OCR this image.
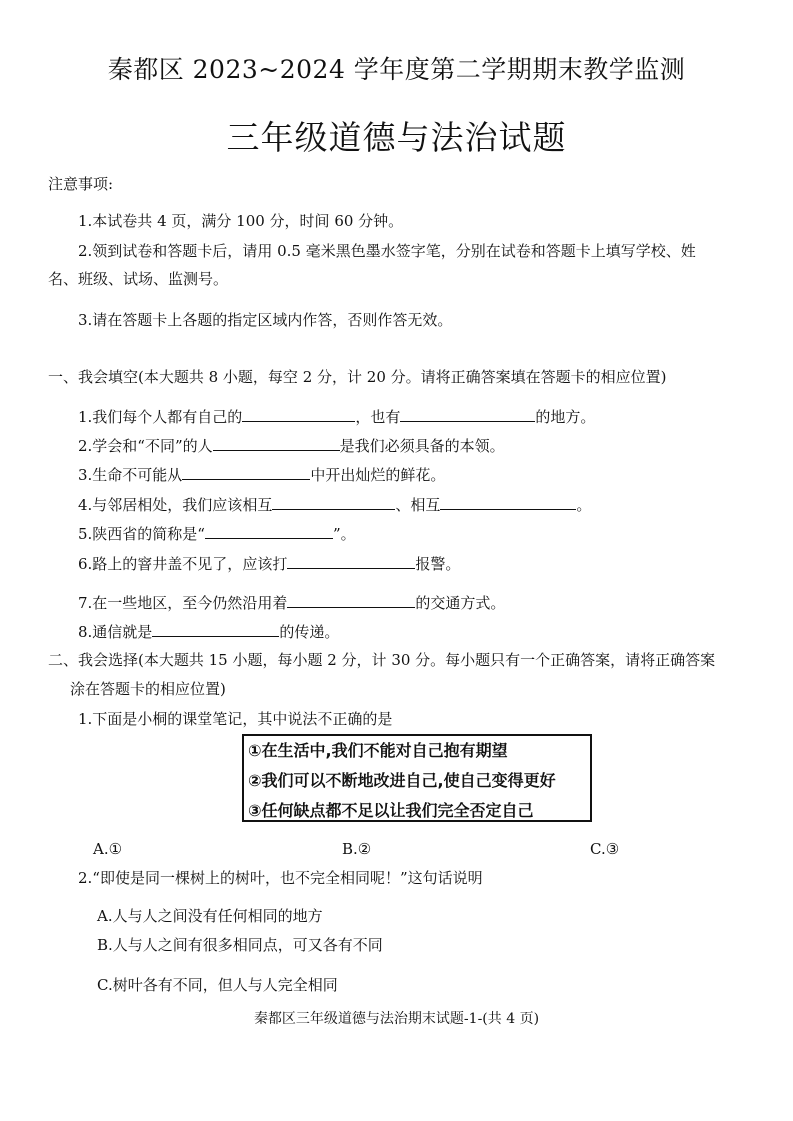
秦都区 2023~2024 学年度第二学期期末教学监测
三年级道德与法治试题
注意事项:
1.本试卷共 4 页，满分 100 分，时间 60 分钟。
2.领到试卷和答题卡后，请用 0.5 毫米黑色墨水签字笔，分别在试卷和答题卡上填写学校、姓
名、班级、试场、监测号。
3.请在答题卡上各题的指定区域内作答，否则作答无效。
一、我会填空(本大题共 8 小题，每空 2 分，计 20 分。请将正确答案填在答题卡的相应位置)
1.我们每个人都有自己的	，也有	的地方。
2.学会和“不同”的人	是我们必须具备的本领。
3.生命不可能从	中开出灿烂的鲜花。
4.与邻居相处，我们应该相互	、相互	。
5.陕西省的简称是“	”。
6.路上的窨井盖不见了，应该打	报警。
7.在一些地区，至今仍然沿用着	的交通方式。
8.通信就是	的传递。
二、我会选择(本大题共 15 小题，每小题 2 分，计 30 分。每小题只有一个正确答案，请将正确答案
涂在答题卡的相应位置)
1.下面是小桐的课堂笔记，其中说法不正确的是
①在生活中,我们不能对自己抱有期望
②我们可以不断地改进自己,使自己变得更好
③任何缺点都不足以让我们完全否定自己
A.①	B.②	C.③
2.“即使是同一棵树上的树叶，也不完全相同呢！”这句话说明
A.人与人之间没有任何相同的地方
B.人与人之间有很多相同点，可又各有不同
C.树叶各有不同，但人与人完全相同
秦都区三年级道德与法治期末试题-1-(共 4 页)
